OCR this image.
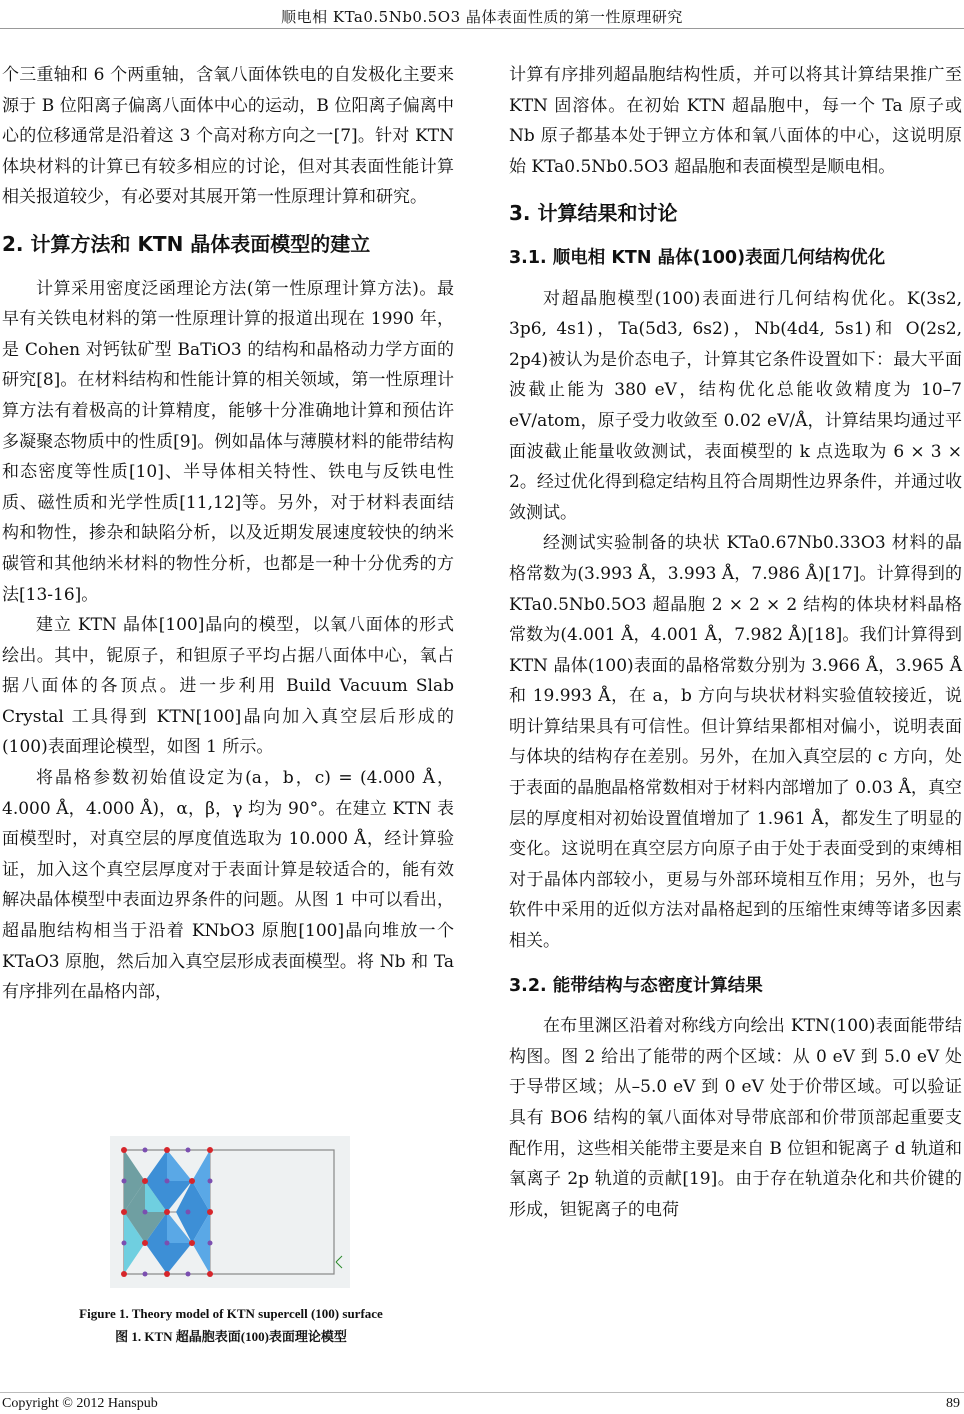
顺电相 KTa0.5Nb0.5O3 晶体表面性质的第一性原理研究

个三重轴和 6 个两重轴，含氧八面体铁电的自发极化主要来源于 B 位阳离子偏离八面体中心的运动，B 位阳离子偏离中心的位移通常是沿着这 3 个高对称方向之一[7]。针对 KTN 体块材料的计算已有较多相应的讨论，但对其表面性能计算相关报道较少，有必要对其展开第一性原理计算和研究。

2. 计算方法和 KTN 晶体表面模型的建立

计算采用密度泛函理论方法(第一性原理计算方法)。最早有关铁电材料的第一性原理计算的报道出现在 1990 年，是 Cohen 对钙钛矿型 BaTiO3 的结构和晶格动力学方面的研究[8]。在材料结构和性能计算的相关领域，第一性原理计算方法有着极高的计算精度，能够十分准确地计算和预估许多凝聚态物质中的性质[9]。例如晶体与薄膜材料的能带结构和态密度等性质[10]、半导体相关特性、铁电与反铁电性质、磁性质和光学性质[11,12]等。另外，对于材料表面结构和物性，掺杂和缺陷分析，以及近期发展速度较快的纳米碳管和其他纳米材料的物性分析，也都是一种十分优秀的方法[13-16]。

建立 KTN 晶体[100]晶向的模型，以氧八面体的形式绘出。其中，铌原子，和钽原子平均占据八面体中心，氧占据八面体的各顶点。进一步利用 Build Vacuum Slab Crystal 工具得到 KTN[100]晶向加入真空层后形成的(100)表面理论模型，如图 1 所示。

将晶格参数初始值设定为(a，b，c) = (4.000 Å，4.000 Å，4.000 Å)，α，β，γ 均为 90°。在建立 KTN 表面模型时，对真空层的厚度值选取为 10.000 Å，经计算验证，加入这个真空层厚度对于表面计算是较适合的，能有效解决晶体模型中表面边界条件的问题。从图 1 中可以看出，超晶胞结构相当于沿着 KNbO3 原胞[100]晶向堆放一个 KTaO3 原胞，然后加入真空层形成表面模型。将 Nb 和 Ta 有序排列在晶格内部，

Figure 1. Theory model of KTN supercell (100) surface
图 1. KTN 超晶胞表面(100)表面理论模型

计算有序排列超晶胞结构性质，并可以将其计算结果推广至 KTN 固溶体。在初始 KTN 超晶胞中，每一个 Ta 原子或 Nb 原子都基本处于钾立方体和氧八面体的中心，这说明原始 KTa0.5Nb0.5O3 超晶胞和表面模型是顺电相。

3. 计算结果和讨论
3.1. 顺电相 KTN 晶体(100)表面几何结构优化

对超晶胞模型(100)表面进行几何结构优化。K(3s2, 3p6, 4s1)，Ta(5d3, 6s2)，Nb(4d4, 5s1)和 O(2s2, 2p4)被认为是价态电子，计算其它条件设置如下：最大平面波截止能为 380 eV，结构优化总能收敛精度为 10–7 eV/atom，原子受力收敛至 0.02 eV/Å，计算结果均通过平面波截止能量收敛测试，表面模型的 k 点选取为 6 × 3 × 2。经过优化得到稳定结构且符合周期性边界条件，并通过收敛测试。

经测试实验制备的块状 KTa0.67Nb0.33O3 材料的晶格常数为(3.993 Å，3.993 Å，7.986 Å)[17]。计算得到的 KTa0.5Nb0.5O3 超晶胞 2 × 2 × 2 结构的体块材料晶格常数为(4.001 Å，4.001 Å，7.982 Å)[18]。我们计算得到 KTN 晶体(100)表面的晶格常数分别为 3.966 Å，3.965 Å 和 19.993 Å，在 a，b 方向与块状材料实验值较接近，说明计算结果具有可信性。但计算结果都相对偏小，说明表面与体块的结构存在差别。另外，在加入真空层的 c 方向，处于表面的晶胞晶格常数相对于材料内部增加了 0.03 Å，真空层的厚度相对初始设置值增加了 1.961 Å，都发生了明显的变化。这说明在真空层方向原子由于处于表面受到的束缚相对于晶体内部较小，更易与外部环境相互作用；另外，也与软件中采用的近似方法对晶格起到的压缩性束缚等诸多因素相关。

3.2. 能带结构与态密度计算结果

在布里渊区沿着对称线方向绘出 KTN(100)表面能带结构图。图 2 给出了能带的两个区域：从 0 eV 到 5.0 eV 处于导带区域；从–5.0 eV 到 0 eV 处于价带区域。可以验证具有 BO6 结构的氧八面体对导带底部和价带顶部起重要支配作用，这些相关能带主要是来自 B 位钽和铌离子 d 轨道和氧离子 2p 轨道的贡献[19]。由于存在轨道杂化和共价键的形成，钽铌离子的电荷

Copyright © 2012 Hanspub	89
